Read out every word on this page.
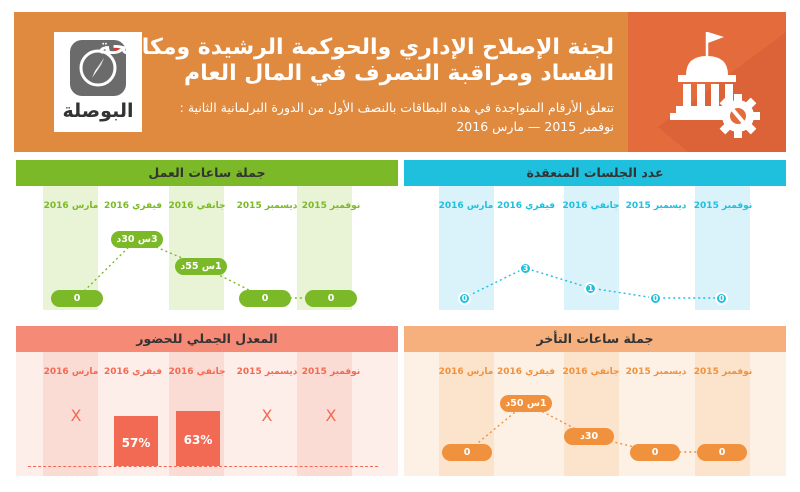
البوصلة
لجنة الإصلاح الإداري والحوكمة الرشيدة ومكافحة
الفساد ومراقبة التصرف في المال العام
تتعلق الأرقام المتواجدة في هذه البطاقات بالنصف الأول من الدورة البرلمانية الثانية :
نوفمبر 2015 — مارس 2016
جملة ساعات العمل
نوفمبر 2015
ديسمبر 2015
جانفي 2016
فيفري 2016
مارس 2016
0
0
1س 55د
3س 30د
0
عدد الجلسات المنعقدة
نوفمبر 2015
ديسمبر 2015
جانفي 2016
فيفري 2016
مارس 2016
0
0
1
3
0
المعدل الجملي للحضور
نوفمبر 2015
ديسمبر 2015
جانفي 2016
فيفري 2016
مارس 2016
X
X
63%
57%
X
جملة ساعات التأخر
نوفمبر 2015
ديسمبر 2015
جانفي 2016
فيفري 2016
مارس 2016
0
0
30د
1س 50د
0
